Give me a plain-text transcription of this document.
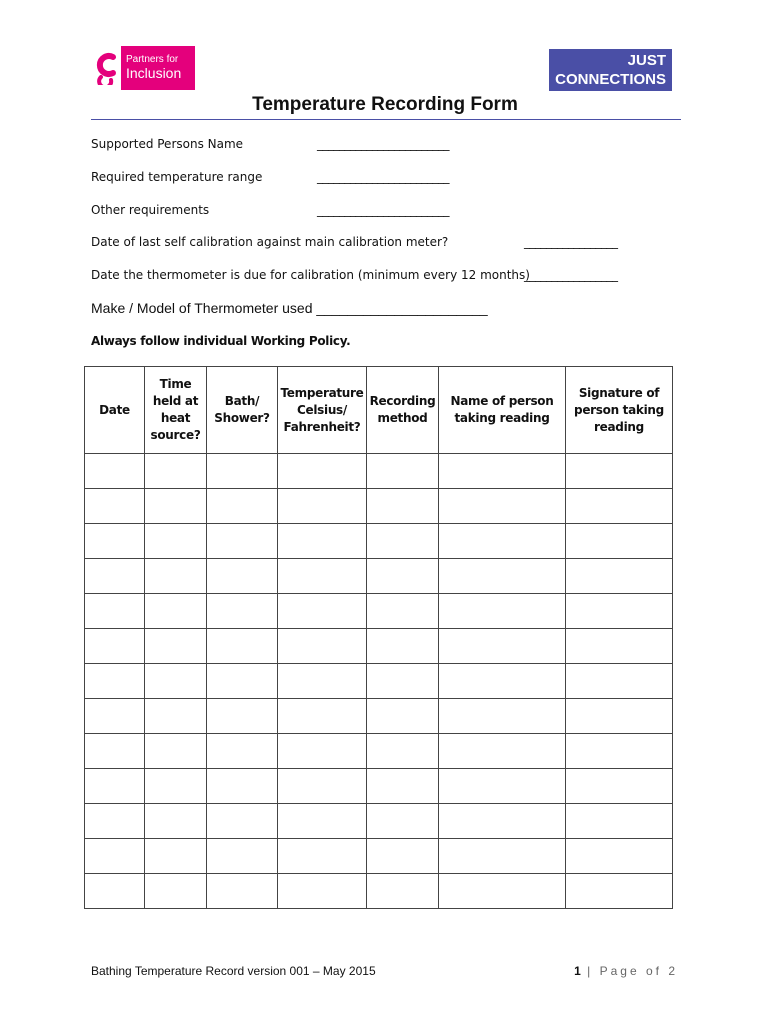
Partners for
Inclusion
JUST
CONNECTIONS
Temperature Recording Form
Supported Persons Name	________________________
Required temperature range	________________________
Other requirements	________________________
Date of last self calibration against main calibration meter?	_________________
Date the thermometer is due for calibration (minimum every 12 months)
_________________
Make / Model of Thermometer used ______________________
Always follow individual Working Policy.
Date	Time held at heat source?	Bath/ Shower?	Temperature Celsius/ Fahrenheit?	Recording method	Name of person taking reading	Signature of person taking reading

Bathing Temperature Record version 001 – May 2015	1 | Page of 2
